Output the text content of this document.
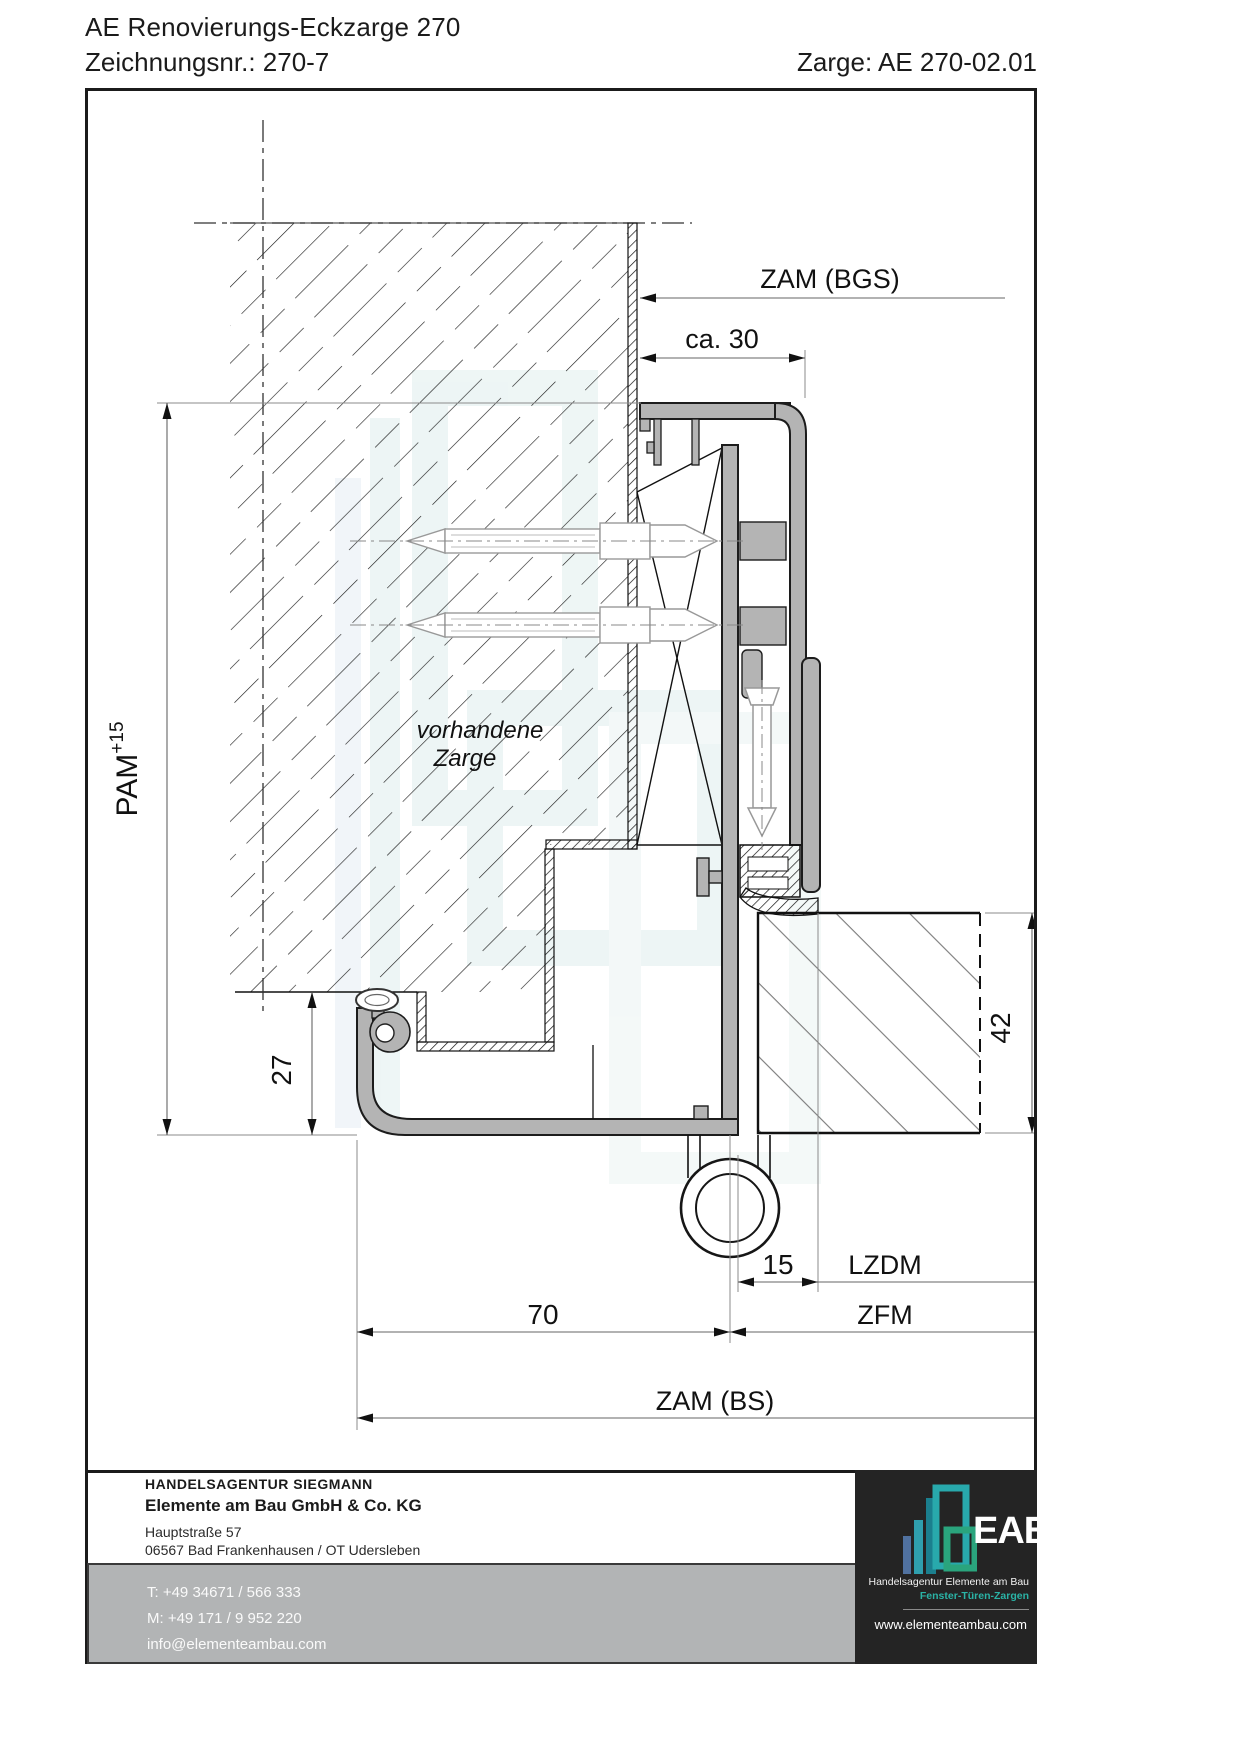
AE Renovierungs-Eckzarge 270
Zeichnungsnr.: 270-7	Zarge: AE 270-02.01
ZAM (BGS)
ca. 30
$PAM^{+15}$
27
42
15 LZDM
70	ZFM
ZAM (BS)
vorhandene
Zarge
HANDELSAGENTUR SIEGMANN
Elemente am Bau GmbH & Co. KG
Hauptstraße 57
06567 Bad Frankenhausen / OT Udersleben
T: +49 34671 / 566 333
M: +49 171 / 9 952 220
info@elementeambau.com
EAB
Handelsagentur Elemente am Bau
Fenster-Türen-Zargen
www.elementeambau.com
